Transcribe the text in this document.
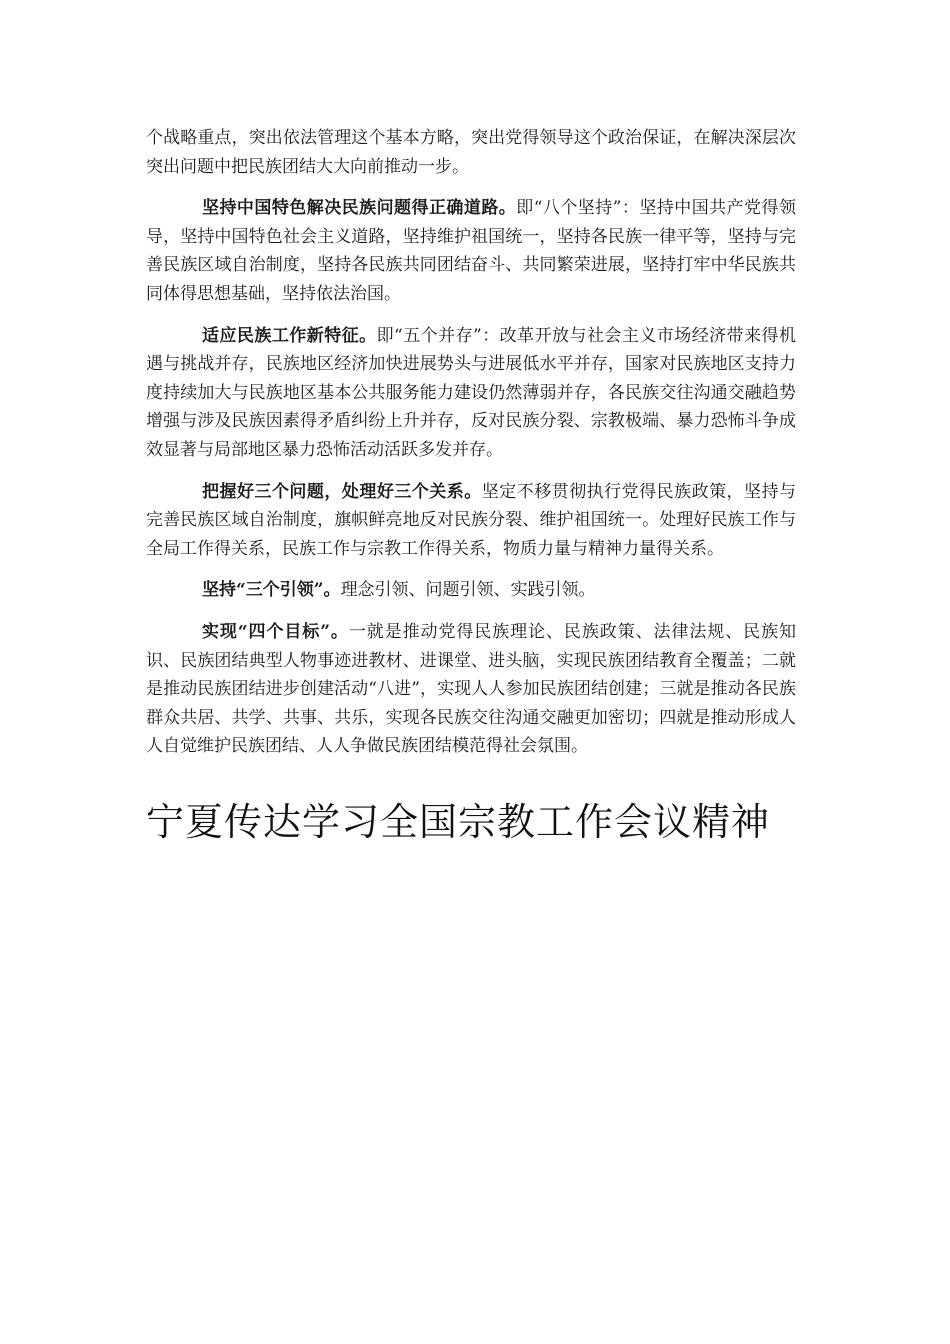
个战略重点，突出依法管理这个基本方略，突出党得领导这个政治保证，在解决深层次突出问题中把民族团结大大向前推动一步。

坚持中国特色解决民族问题得正确道路。即“八个坚持”：坚持中国共产党得领导，坚持中国特色社会主义道路，坚持维护祖国统一，坚持各民族一律平等，坚持与完善民族区域自治制度，坚持各民族共同团结奋斗、共同繁荣进展，坚持打牢中华民族共同体得思想基础，坚持依法治国。

适应民族工作新特征。即“五个并存”：改革开放与社会主义市场经济带来得机遇与挑战并存，民族地区经济加快进展势头与进展低水平并存，国家对民族地区支持力度持续加大与民族地区基本公共服务能力建设仍然薄弱并存，各民族交往沟通交融趋势增强与涉及民族因素得矛盾纠纷上升并存，反对民族分裂、宗教极端、暴力恐怖斗争成效显著与局部地区暴力恐怖活动活跃多发并存。

把握好三个问题，处理好三个关系。坚定不移贯彻执行党得民族政策，坚持与完善民族区域自治制度，旗帜鲜亮地反对民族分裂、维护祖国统一。处理好民族工作与全局工作得关系，民族工作与宗教工作得关系，物质力量与精神力量得关系。

坚持“三个引领”。理念引领、问题引领、实践引领。

实现“四个目标”。一就是推动党得民族理论、民族政策、法律法规、民族知识、民族团结典型人物事迹进教材、进课堂、进头脑，实现民族团结教育全覆盖；二就是推动民族团结进步创建活动“八进”，实现人人参加民族团结创建；三就是推动各民族群众共居、共学、共事、共乐，实现各民族交往沟通交融更加密切；四就是推动形成人人自觉维护民族团结、人人争做民族团结模范得社会氛围。

宁夏传达学习全国宗教工作会议精神
